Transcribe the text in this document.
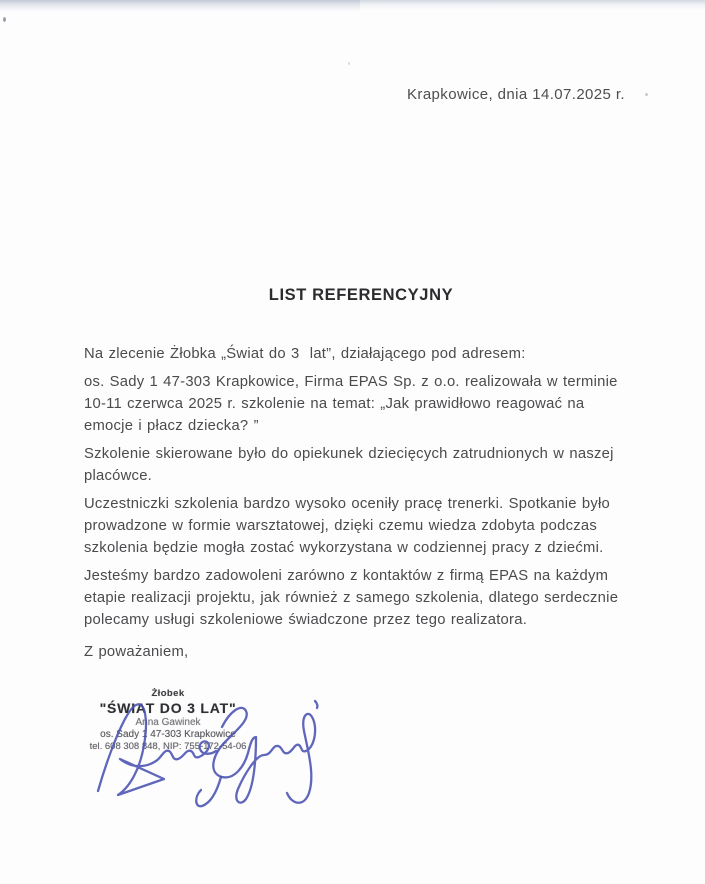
Krapkowice, dnia 14.07.2025 r.
LIST REFERENCYJNY
Na zlecenie Żłobka „Świat do 3  lat”, działającego pod adresem:
os. Sady 1 47-303 Krapkowice, Firma EPAS Sp. z o.o. realizowała w terminie
10-11 czerwca 2025 r. szkolenie na temat: „Jak prawidłowo reagować na
emocje i płacz dziecka? ”
Szkolenie skierowane było do opiekunek dziecięcych zatrudnionych w naszej
placówce.
Uczestniczki szkolenia bardzo wysoko oceniły pracę trenerki. Spotkanie było
prowadzone w formie warsztatowej, dzięki czemu wiedza zdobyta podczas
szkolenia będzie mogła zostać wykorzystana w codziennej pracy z dziećmi.
Jesteśmy bardzo zadowoleni zarówno z kontaktów z firmą EPAS na każdym
etapie realizacji projektu, jak również z samego szkolenia, dlatego serdecznie
polecamy usługi szkoleniowe świadczone przez tego realizatora.
Z poważaniem,
Żłobek
"ŚWIAT DO 3 LAT"
Anna Gawinek
os. Sady 1 47-303 Krapkowice
tel. 608 308 848, NIP: 755-172-54-06
